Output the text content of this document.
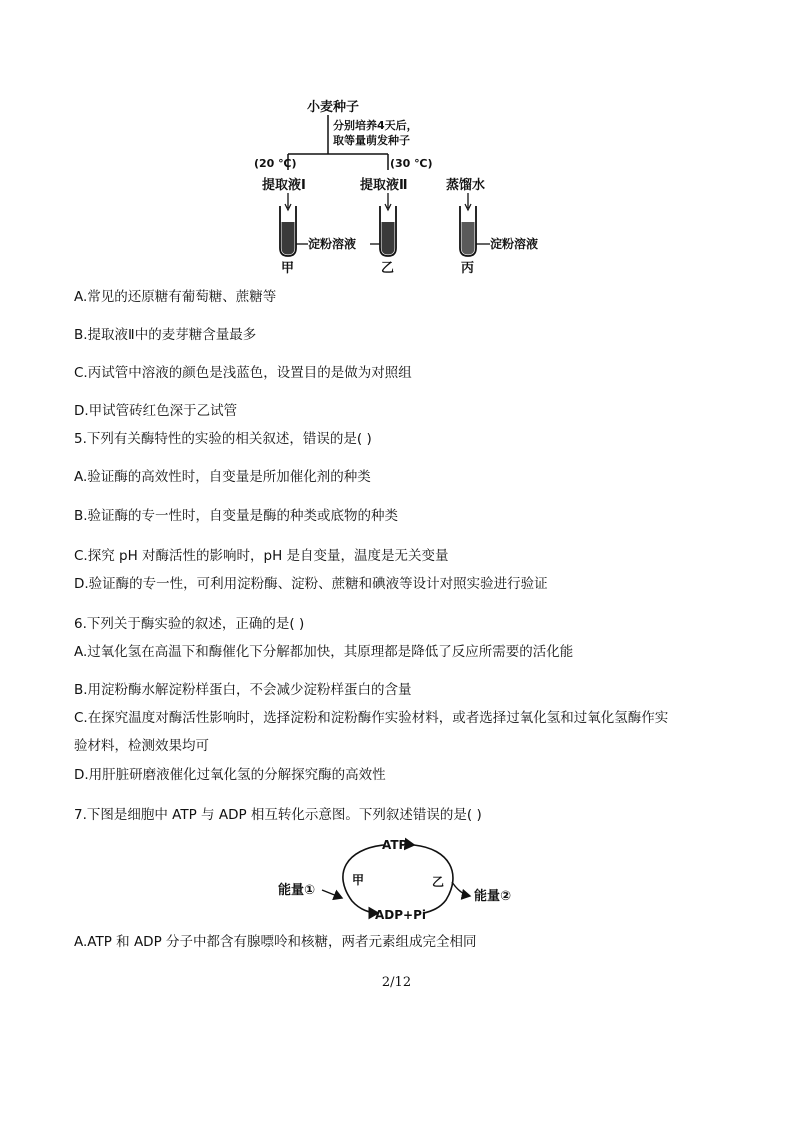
小麦种子
分别培养4天后，
取等量萌发种子
(20 ℃)	(30 ℃)
提取液Ⅰ	提取液Ⅱ	蒸馏水
淀粉溶液	淀粉溶液
甲	乙	丙
A.常见的还原糖有葡萄糖、蔗糖等
B.提取液Ⅱ中的麦芽糖含量最多
C.丙试管中溶液的颜色是浅蓝色，设置目的是做为对照组
D.甲试管砖红色深于乙试管
5.下列有关酶特性的实验的相关叙述，错误的是( )
A.验证酶的高效性时，自变量是所加催化剂的种类
B.验证酶的专一性时，自变量是酶的种类或底物的种类
C.探究 pH 对酶活性的影响时，pH 是自变量，温度是无关变量
D.验证酶的专一性，可利用淀粉酶、淀粉、蔗糖和碘液等设计对照实验进行验证
6.下列关于酶实验的叙述，正确的是( )
A.过氧化氢在高温下和酶催化下分解都加快，其原理都是降低了反应所需要的活化能
B.用淀粉酶水解淀粉样蛋白，不会减少淀粉样蛋白的含量
C.在探究温度对酶活性影响时，选择淀粉和淀粉酶作实验材料，或者选择过氧化氢和过氧化氢酶作实
验材料，检测效果均可
D.用肝脏研磨液催化过氧化氢的分解探究酶的高效性
7.下图是细胞中 ATP 与 ADP 相互转化示意图。下列叙述错误的是( )
ATP
ADP+Pi
甲	乙
能量①	能量②
A.ATP 和 ADP 分子中都含有腺嘌呤和核糖，两者元素组成完全相同
2/12
